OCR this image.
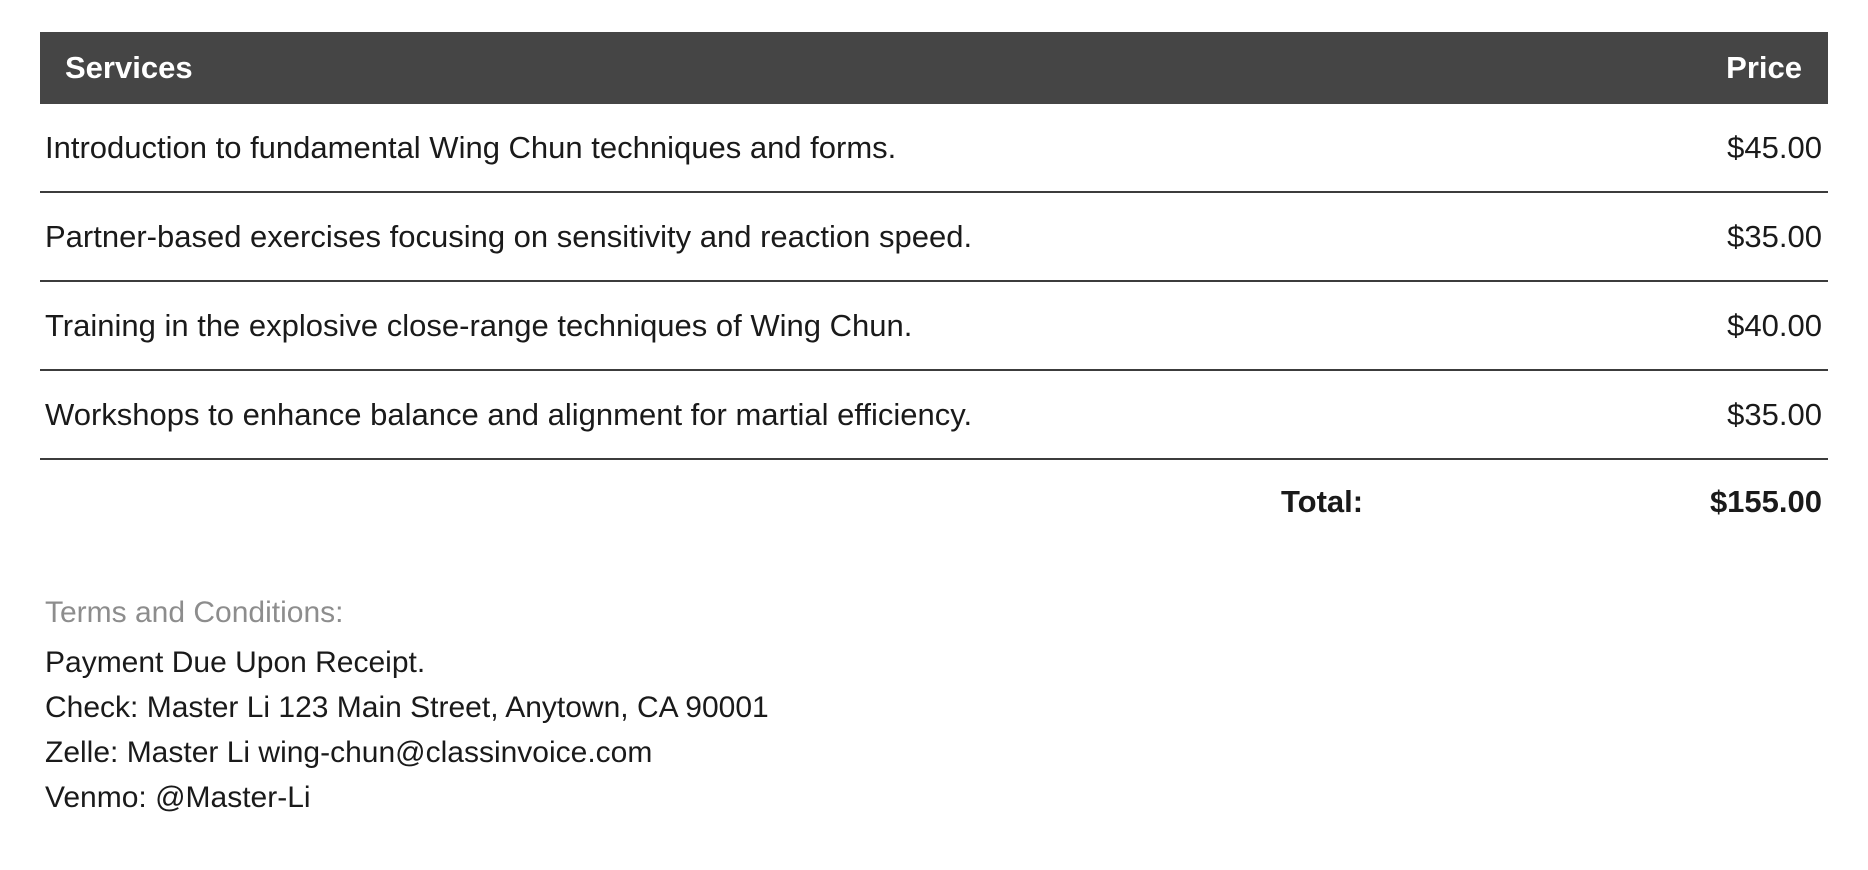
Services	Price
Introduction to fundamental Wing Chun techniques and forms.	$45.00
Partner-based exercises focusing on sensitivity and reaction speed.	$35.00
Training in the explosive close-range techniques of Wing Chun.	$40.00
Workshops to enhance balance and alignment for martial efficiency.	$35.00
Total:	$155.00
Terms and Conditions:
Payment Due Upon Receipt.
Check: Master Li 123 Main Street, Anytown, CA 90001
Zelle: Master Li wing-chun@classinvoice.com
Venmo: @Master-Li
